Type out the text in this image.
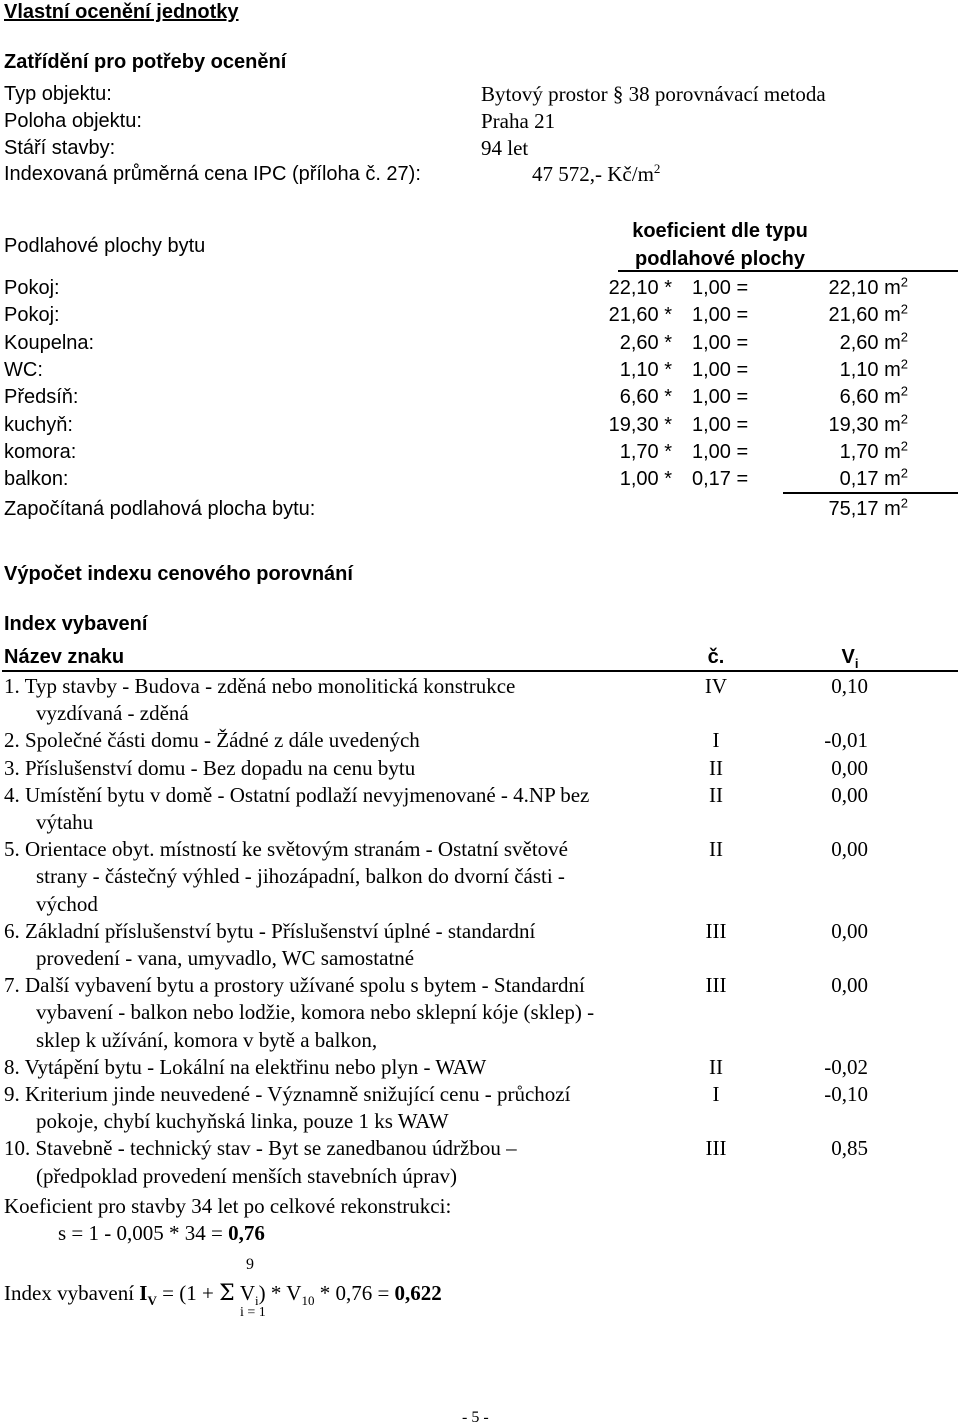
Vlastní ocenění jednotky
Zatřídění pro potřeby ocenění
Typ objektu:	Bytový prostor § 38 porovnávací metoda
Poloha objektu:	Praha 21
Stáří stavby:	94 let
Indexovaná průměrná cena IPC (příloha č. 27):	47 572,- $Kč/m^2$
Podlahové plochy bytu
koeficient dle typu
podlahové plochy
Pokoj:	22,10 * 1,00 =	22,10 $m^2$
Pokoj:	21,60 * 1,00 =	21,60 $m^2$
Koupelna:	2,60 * 1,00 =	2,60 $m^2$
WC:	1,10 * 1,00 =	1,10 $m^2$
Předsíň:	6,60 * 1,00 =	6,60 $m^2$
kuchyň:	19,30 * 1,00 =	19,30 $m^2$
komora:	1,70 * 1,00 =	1,70 $m^2$
balkon:	1,00 * 0,17 =	0,17 $m^2$
Započítaná podlahová plocha bytu:	75,17 $m^2$
Výpočet indexu cenového porovnání
Index vybavení
Název znaku	č.	$V_i$
1. Typ stavby - Budova - zděná nebo monolitická konstrukce
vyzdívaná - zděná
IV	0,10
2. Společné části domu - Žádné z dále uvedených	I	-0,01
3. Příslušenství domu - Bez dopadu na cenu bytu	II	0,00
4. Umístění bytu v domě - Ostatní podlaží nevyjmenované - 4.NP bez
výtahu
II	0,00
5. Orientace obyt. místností ke světovým stranám - Ostatní světové
strany - částečný výhled - jihozápadní, balkon do dvorní části -
východ
II	0,00
6. Základní příslušenství bytu - Příslušenství úplné - standardní
provedení - vana, umyvadlo, WC samostatné
III	0,00
7. Další vybavení bytu a prostory užívané spolu s bytem - Standardní
vybavení - balkon nebo lodžie, komora nebo sklepní kóje (sklep) -
sklep k užívání, komora v bytě a balkon,
III	0,00
8. Vytápění bytu - Lokální na elektřinu nebo plyn - WAW	II	-0,02
9. Kriterium jinde neuvedené - Významně snižující cenu - průchozí
pokoje, chybí kuchyňská linka, pouze 1 ks WAW
I	-0,10
10. Stavebně - technický stav - Byt se zanedbanou údržbou –
(předpoklad provedení menších stavebních úprav)
III	0,85
Koeficient pro stavby 34 let po celkové rekonstrukci:
s = 1 - 0,005 * 34 = 0,76
9
Index vybavení $I_V = (1 + \Sigma$ $V_i) * V_{10} * 0,76 = 0,622$
i = 1
- 5 -
